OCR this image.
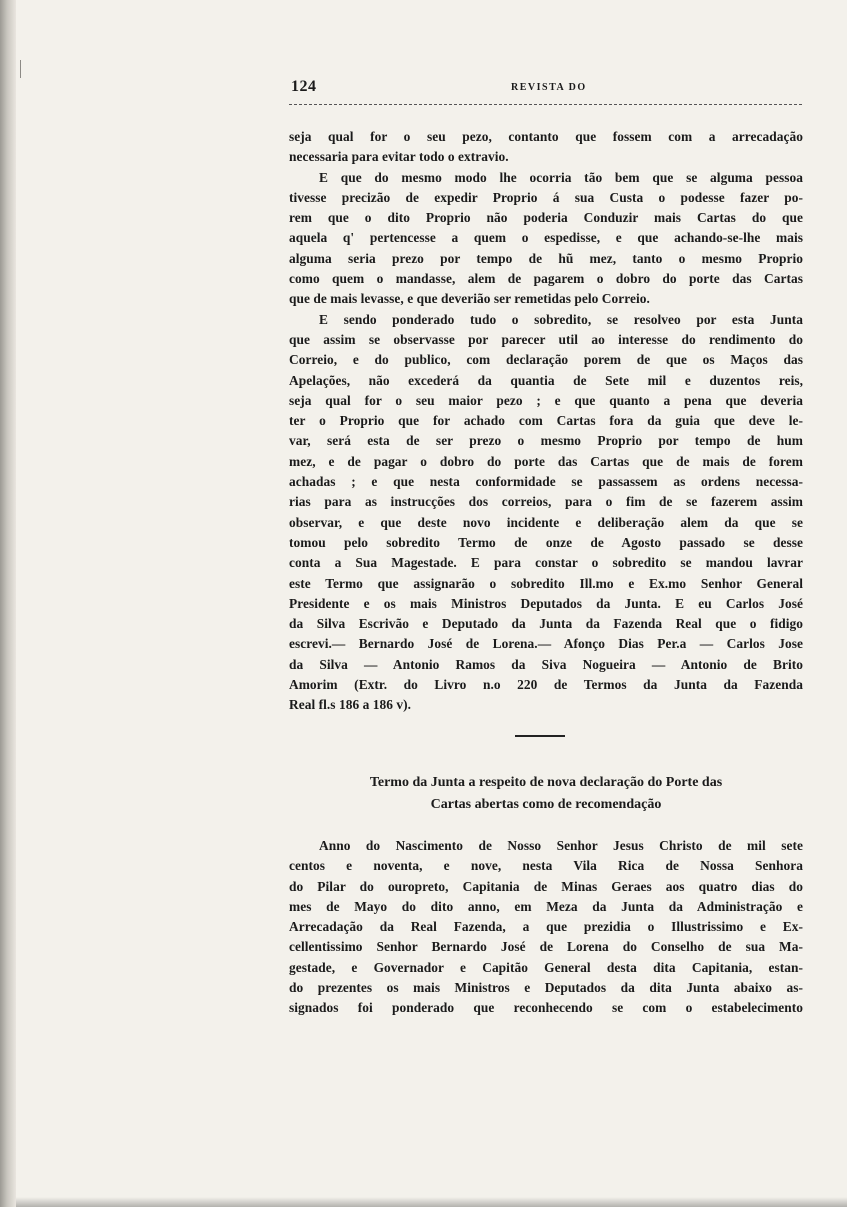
124	REVISTA DO
seja qual for o seu pezo, contanto que fossem com a arrecadação
necessaria para evitar todo o extravio.
E que do mesmo modo lhe ocorria tão bem que se alguma pessoa
tivesse precizão de expedir Proprio á sua Custa o podesse fazer po-
rem que o dito Proprio não poderia Conduzir mais Cartas do que
aquela q' pertencesse a quem o espedisse, e que achando-se-lhe mais
alguma seria prezo por tempo de hũ mez, tanto o mesmo Proprio
como quem o mandasse, alem de pagarem o dobro do porte das Cartas
que de mais levasse, e que deverião ser remetidas pelo Correio.
E sendo ponderado tudo o sobredito, se resolveo por esta Junta
que assim se observasse por parecer util ao interesse do rendimento do
Correio, e do publico, com declaração porem de que os Maços das
Apelações, não excederá da quantia de Sete mil e duzentos reis,
seja qual for o seu maior pezo ; e que quanto a pena que deveria
ter o Proprio que for achado com Cartas fora da guia que deve le-
var, será esta de ser prezo o mesmo Proprio por tempo de hum
mez, e de pagar o dobro do porte das Cartas que de mais de forem
achadas ; e que nesta conformidade se passassem as ordens necessa-
rias para as instrucções dos correios, para o fim de se fazerem assim
observar, e que deste novo incidente e deliberação alem da que se
tomou pelo sobredito Termo de onze de Agosto passado se desse
conta a Sua Magestade. E para constar o sobredito se mandou lavrar
este Termo que assignarão o sobredito Ill.mo e Ex.mo Senhor General
Presidente e os mais Ministros Deputados da Junta. E eu Carlos José
da Silva Escrivão e Deputado da Junta da Fazenda Real que o fidigo
escrevi.— Bernardo José de Lorena.— Afonço Dias Per.a — Carlos Jose
da Silva — Antonio Ramos da Siva Nogueira — Antonio de Brito
Amorim (Extr. do Livro n.o 220 de Termos da Junta da Fazenda
Real fl.s 186 a 186 v).
Termo da Junta a respeito de nova declaração do Porte das
Cartas abertas como de recomendação
Anno do Nascimento de Nosso Senhor Jesus Christo de mil sete
centos e noventa, e nove, nesta Vila Rica de Nossa Senhora
do Pilar do ouropreto, Capitania de Minas Geraes aos quatro dias do
mes de Mayo do dito anno, em Meza da Junta da Administração e
Arrecadação da Real Fazenda, a que prezidia o Illustrissimo e Ex-
cellentissimo Senhor Bernardo José de Lorena do Conselho de sua Ma-
gestade, e Governador e Capitão General desta dita Capitania, estan-
do prezentes os mais Ministros e Deputados da dita Junta abaixo as-
signados foi ponderado que reconhecendo se com o estabelecimento
